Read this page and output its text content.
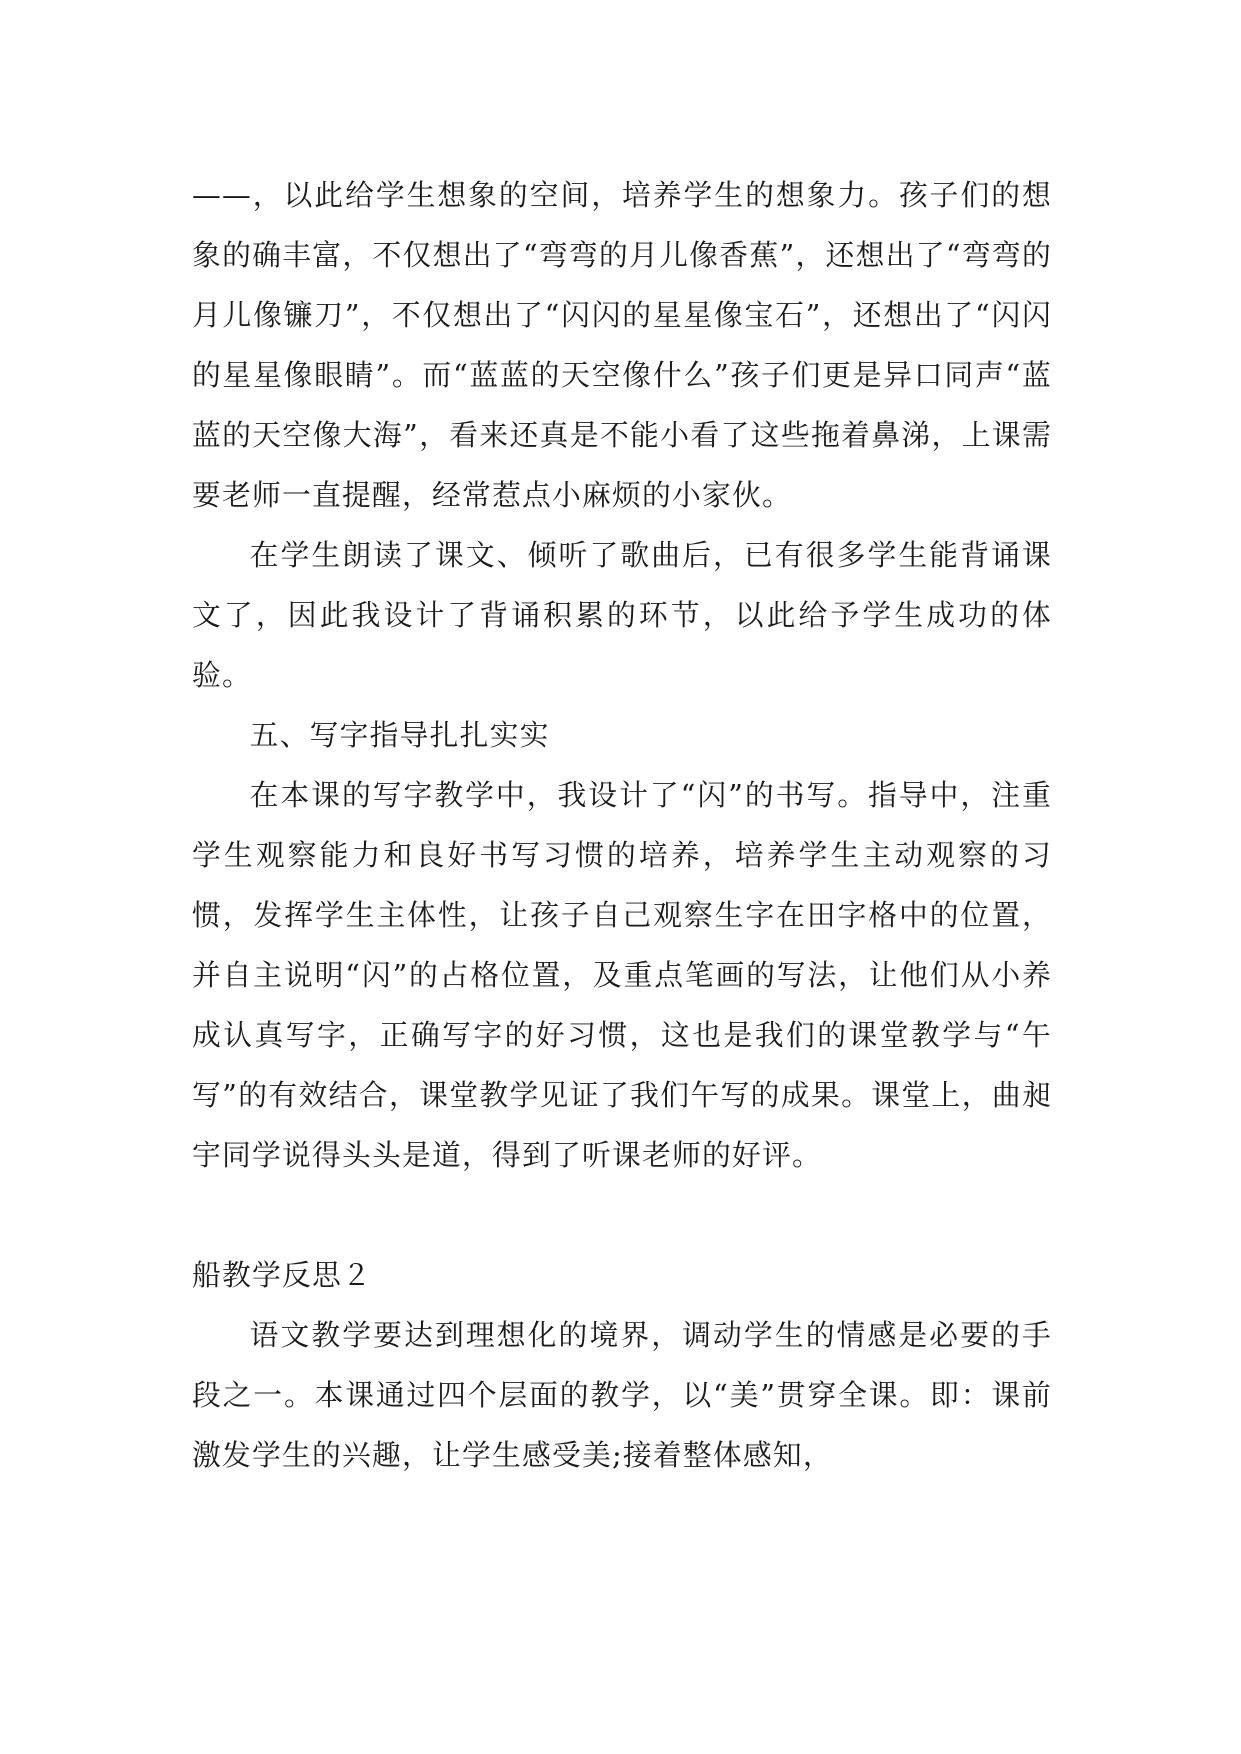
——，以此给学生想象的空间，培养学生的想象力。孩子们的想象的确丰富，不仅想出了“弯弯的月儿像香蕉”，还想出了“弯弯的月儿像镰刀”，不仅想出了“闪闪的星星像宝石”，还想出了“闪闪的星星像眼睛”。而“蓝蓝的天空像什么”孩子们更是异口同声“蓝蓝的天空像大海”，看来还真是不能小看了这些拖着鼻涕，上课需要老师一直提醒，经常惹点小麻烦的小家伙。

在学生朗读了课文、倾听了歌曲后，已有很多学生能背诵课文了，因此我设计了背诵积累的环节，以此给予学生成功的体验。

五、写字指导扎扎实实

在本课的写字教学中，我设计了“闪”的书写。指导中，注重学生观察能力和良好书写习惯的培养，培养学生主动观察的习惯，发挥学生主体性，让孩子自己观察生字在田字格中的位置，并自主说明“闪”的占格位置，及重点笔画的写法，让他们从小养成认真写字，正确写字的好习惯，这也是我们的课堂教学与“午写”的有效结合，课堂教学见证了我们午写的成果。课堂上，曲昶宇同学说得头头是道，得到了听课老师的好评。

船教学反思２

语文教学要达到理想化的境界，调动学生的情感是必要的手段之一。本课通过四个层面的教学，以“美”贯穿全课。即：课前激发学生的兴趣，让学生感受美;接着整体感知，
